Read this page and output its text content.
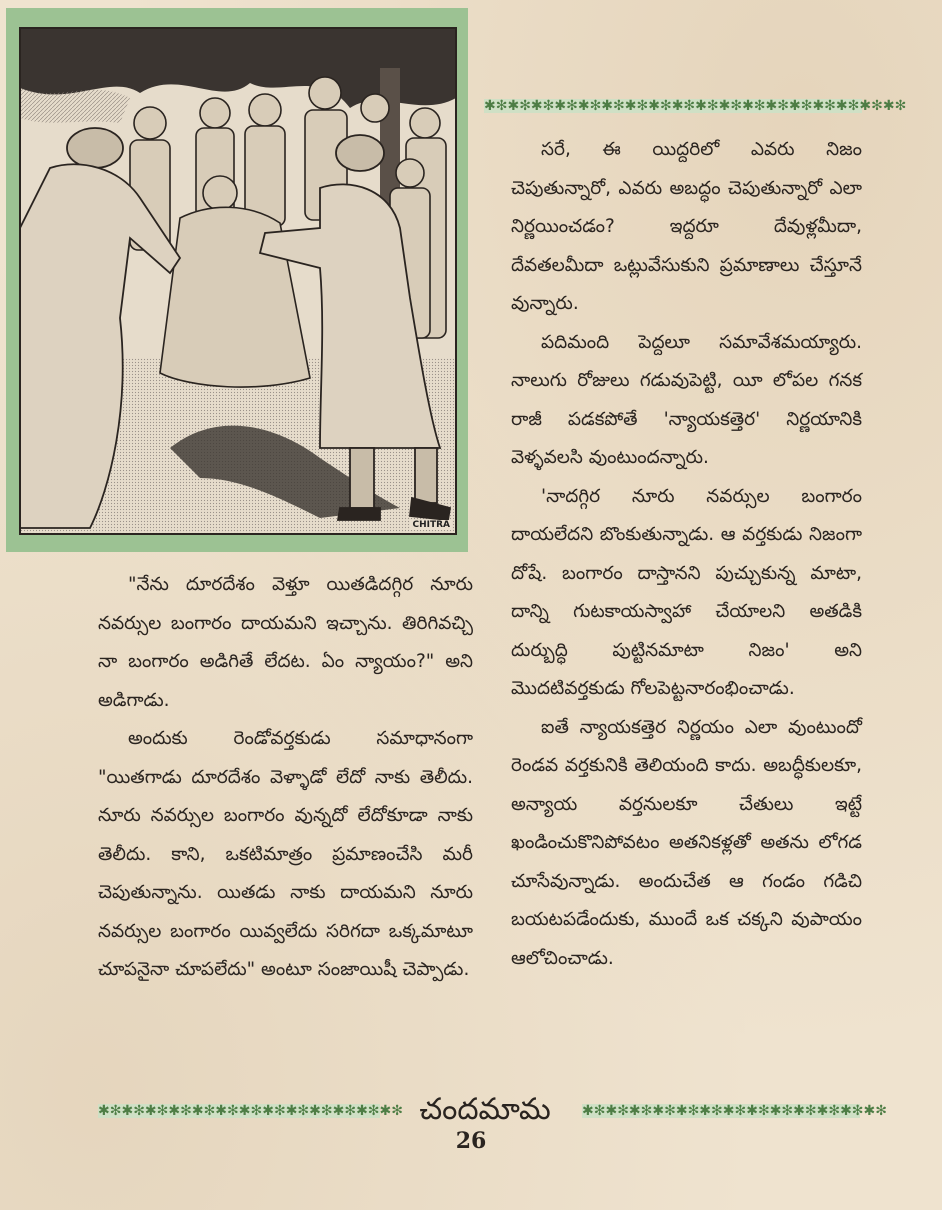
CHITRA
✱✻✱✻✱✻✱✻✱✻✱✻✱✻✱✻✱✻✱✻✱✻✱✻✱✻✱✻✱✻✱✻✱✻✱✻

సరే, ఈ యిద్దరిలో ఎవరు నిజం చెపుతున్నారో, ఎవరు అబద్ధం చెపుతున్నారో ఎలా నిర్ణయించడం? ఇద్దరూ దేవుళ్లమీదా, దేవతలమీదా ఒట్లువేసుకుని ప్రమాణాలు చేస్తూనే వున్నారు.

పదిమంది పెద్దలూ సమావేశమయ్యారు. నాలుగు రోజులు గడువుపెట్టి, యీ లోపల గనక రాజీ పడకపోతే 'న్యాయకత్తెర' నిర్ణయానికి వెళ్ళవలసి వుంటుందన్నారు.

'నాదగ్గిర నూరు నవర్సుల బంగారం దాయలేదని బొంకుతున్నాడు. ఆ వర్తకుడు నిజంగా దోషే. బంగారం దాస్తానని పుచ్చుకున్న మాటా, దాన్ని గుటకాయస్వాహా చేయాలని అతడికి దుర్బుద్ధి పుట్టినమాటా నిజం' అని మొదటివర్తకుడు గోలపెట్టనారంభించాడు.

ఐతే న్యాయకత్తెర నిర్ణయం ఎలా వుంటుందో రెండవ వర్తకునికి తెలియంది కాదు. అబద్ధీకులకూ, అన్యాయ వర్తనులకూ చేతులు ఇట్టే ఖండించుకొనిపోవటం అతనికళ్లతో అతను లోగడ చూసేవున్నాడు. అందుచేత ఆ గండం గడిచి బయటపడేందుకు, ముందే ఒక చక్కని వుపాయం ఆలోచించాడు.

"నేను దూరదేశం వెళ్తూ యితడిదగ్గిర నూరు నవర్సుల బంగారం దాయమని ఇచ్చాను. తిరిగివచ్చి నా బంగారం అడిగితే లేదట. ఏం న్యాయం?" అని అడిగాడు.

అందుకు రెండోవర్తకుడు సమాధానంగా "యితగాడు దూరదేశం వెళ్ళాడో లేదో నాకు తెలీదు. నూరు నవర్సుల బంగారం వున్నదో లేదోకూడా నాకు తెలీదు. కాని, ఒకటిమాత్రం ప్రమాణంచేసి మరీ చెపుతున్నాను. యితడు నాకు దాయమని నూరు నవర్సుల బంగారం యివ్వలేదు సరిగదా ఒక్కమాటూ చూపనైనా చూపలేదు" అంటూ సంజాయిషీ చెప్పాడు.

✱✻✱✻✱✻✱✻✱✻✱✻✱✻✱✻✱✻✱✻✱✻✱✻✱✻ చందమామ	✱✻✱✻✱✻✱✻✱✻✱✻✱✻✱✻✱✻✱✻✱✻✱✻✱✻
26
